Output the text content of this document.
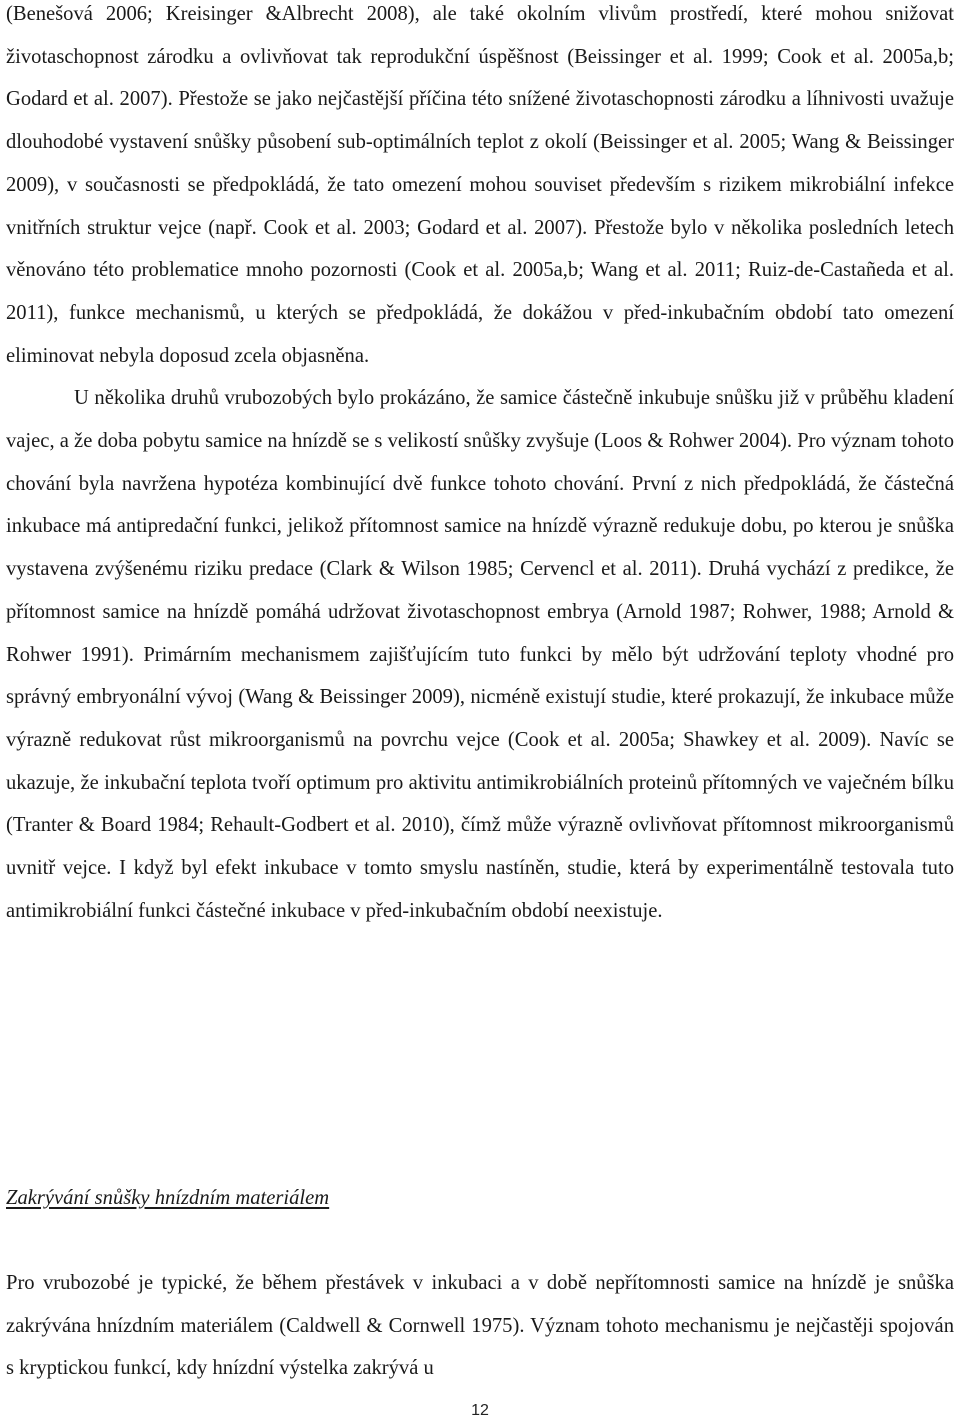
(Benešová 2006; Kreisinger &Albrecht 2008), ale také okolním vlivům prostředí, které mohou snižovat životaschopnost zárodku a ovlivňovat tak reprodukční úspěšnost (Beissinger et al. 1999; Cook et al. 2005a,b; Godard et al. 2007). Přestože se jako nejčastější příčina této snížené životaschopnosti zárodku a líhnivosti uvažuje dlouhodobé vystavení snůšky působení sub-optimálních teplot z okolí (Beissinger et al. 2005; Wang & Beissinger 2009), v současnosti se předpokládá, že tato omezení mohou souviset především s rizikem mikrobiální infekce vnitřních struktur vejce (např. Cook et al. 2003; Godard et al. 2007). Přestože bylo v několika posledních letech věnováno této problematice mnoho pozornosti (Cook et al. 2005a,b; Wang et al. 2011; Ruiz-de-Castañeda et al. 2011), funkce mechanismů, u kterých se předpokládá, že dokážou v před-inkubačním období tato omezení eliminovat nebyla doposud zcela objasněna.

U několika druhů vrubozobých bylo prokázáno, že samice částečně inkubuje snůšku již v průběhu kladení vajec, a že doba pobytu samice na hnízdě se s velikostí snůšky zvyšuje (Loos & Rohwer 2004). Pro význam tohoto chování byla navržena hypotéza kombinující dvě funkce tohoto chování. První z nich předpokládá, že částečná inkubace má antipredační funkci, jelikož přítomnost samice na hnízdě výrazně redukuje dobu, po kterou je snůška vystavena zvýšenému riziku predace (Clark & Wilson 1985; Cervencl et al. 2011). Druhá vychází z predikce, že přítomnost samice na hnízdě pomáhá udržovat životaschopnost embrya (Arnold 1987; Rohwer, 1988; Arnold & Rohwer 1991). Primárním mechanismem zajišťujícím tuto funkci by mělo být udržování teploty vhodné pro správný embryonální vývoj (Wang & Beissinger 2009), nicméně existují studie, které prokazují, že inkubace může výrazně redukovat růst mikroorganismů na povrchu vejce (Cook et al. 2005a; Shawkey et al. 2009). Navíc se ukazuje, že inkubační teplota tvoří optimum pro aktivitu antimikrobiálních proteinů přítomných ve vaječném bílku (Tranter & Board 1984; Rehault-Godbert et al. 2010), čímž může výrazně ovlivňovat přítomnost mikroorganismů uvnitř vejce. I když byl efekt inkubace v tomto smyslu nastíněn, studie, která by experimentálně testovala tuto antimikrobiální funkci částečné inkubace v před-inkubačním období neexistuje.

Zakrývání snůšky hnízdním materiálem

Pro vrubozobé je typické, že během přestávek v inkubaci a v době nepřítomnosti samice na hnízdě je snůška zakrývána hnízdním materiálem (Caldwell & Cornwell 1975). Význam tohoto mechanismu je nejčastěji spojován s kryptickou funkcí, kdy hnízdní výstelka zakrývá u

12
